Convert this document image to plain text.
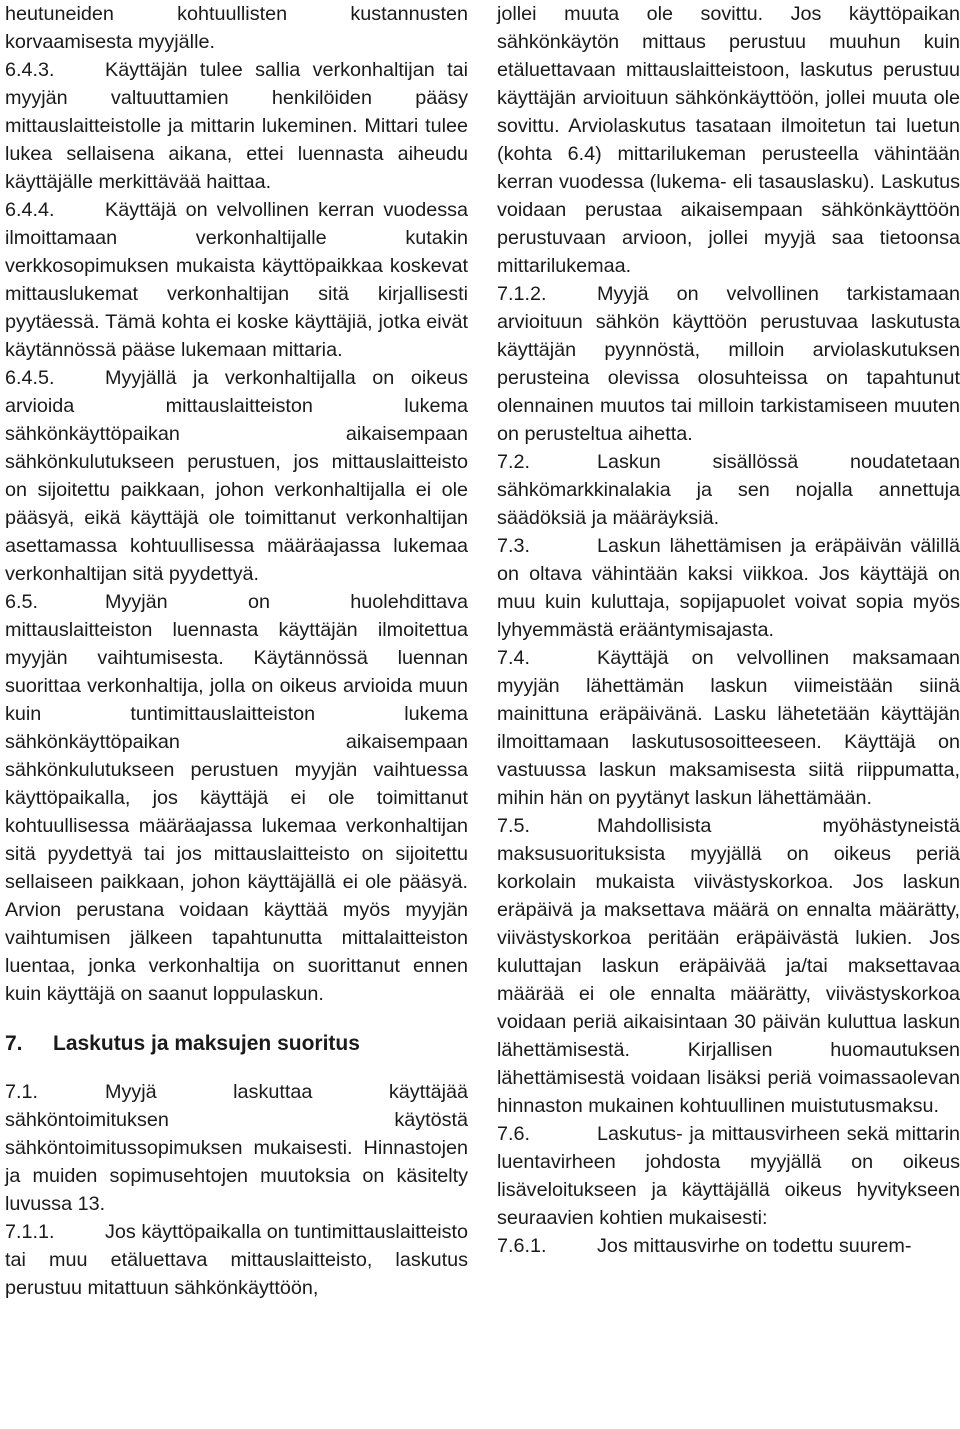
heutuneiden kohtuullisten kustannusten korvaamisesta myyjälle.

6.4.3.	Käyttäjän tulee sallia verkonhaltijan tai myyjän valtuuttamien henkilöiden pääsy mittauslaitteistolle ja mittarin lukeminen. Mittari tulee lukea sellaisena aikana, ettei luennasta aiheudu käyttäjälle merkittävää haittaa.

6.4.4.	Käyttäjä on velvollinen kerran vuodessa ilmoittamaan verkonhaltijalle kutakin verkkosopimuksen mukaista käyttöpaikkaa koskevat mittauslukemat verkonhaltijan sitä kirjallisesti pyytäessä. Tämä kohta ei koske käyttäjiä, jotka eivät käytännössä pääse lukemaan mittaria.

6.4.5.	Myyjällä ja verkonhaltijalla on oikeus arvioida mittauslaitteiston lukema sähkönkäyttöpaikan aikaisempaan sähkönkulutukseen perustuen, jos mittauslaitteisto on sijoitettu paikkaan, johon verkonhaltijalla ei ole pääsyä, eikä käyttäjä ole toimittanut verkonhaltijan asettamassa kohtuullisessa määräajassa lukemaa verkonhaltijan sitä pyydettyä.

6.5.	Myyjän on huolehdittava mittauslaitteiston luennasta käyttäjän ilmoitettua myyjän vaihtumisesta. Käytännössä luennan suorittaa verkonhaltija, jolla on oikeus arvioida muun kuin tuntimittauslaitteiston lukema sähkönkäyttöpaikan aikaisempaan sähkönkulutukseen perustuen myyjän vaihtuessa käyttöpaikalla, jos käyttäjä ei ole toimittanut kohtuullisessa määräajassa lukemaa verkonhaltijan sitä pyydettyä tai jos mittauslaitteisto on sijoitettu sellaiseen paikkaan, johon käyttäjällä ei ole pääsyä. Arvion perustana voidaan käyttää myös myyjän vaihtumisen jälkeen tapahtunutta mittalaitteiston luentaa, jonka verkonhaltija on suorittanut ennen kuin käyttäjä on saanut loppulaskun.

7. Laskutus ja maksujen suoritus

7.1.	Myyjä laskuttaa käyttäjää sähköntoimituksen käytöstä sähköntoimitussopimuksen mukaisesti. Hinnastojen ja muiden sopimusehtojen muutoksia on käsitelty luvussa 13.

7.1.1.	Jos käyttöpaikalla on tuntimittauslaitteisto tai muu etäluettava mittauslaitteisto, laskutus perustuu mitattuun sähkönkäyttöön,

jollei muuta ole sovittu. Jos käyttöpaikan sähkönkäytön mittaus perustuu muuhun kuin etäluettavaan mittauslaitteistoon, laskutus perustuu käyttäjän arvioituun sähkönkäyttöön, jollei muuta ole sovittu. Arviolaskutus tasataan ilmoitetun tai luetun (kohta 6.4) mittarilukeman perusteella vähintään kerran vuodessa (lukema- eli tasauslasku). Laskutus voidaan perustaa aikaisempaan sähkönkäyttöön perustuvaan arvioon, jollei myyjä saa tietoonsa mittarilukemaa.

7.1.2.	Myyjä on velvollinen tarkistamaan arvioituun sähkön käyttöön perustuvaa laskutusta käyttäjän pyynnöstä, milloin arviolaskutuksen perusteina olevissa olosuhteissa on tapahtunut olennainen muutos tai milloin tarkistamiseen muuten on perusteltua aihetta.

7.2.	Laskun sisällössä noudatetaan sähkömarkkinalakia ja sen nojalla annettuja säädöksiä ja määräyksiä.

7.3.	Laskun lähettämisen ja eräpäivän välillä on oltava vähintään kaksi viikkoa. Jos käyttäjä on muu kuin kuluttaja, sopijapuolet voivat sopia myös lyhyemmästä erääntymisajasta.

7.4.	Käyttäjä on velvollinen maksamaan myyjän lähettämän laskun viimeistään siinä mainittuna eräpäivänä. Lasku lähetetään käyttäjän ilmoittamaan laskutusosoitteeseen. Käyttäjä on vastuussa laskun maksamisesta siitä riippumatta, mihin hän on pyytänyt laskun lähettämään.

7.5.	Mahdollisista myöhästyneistä maksusuorituksista myyjällä on oikeus periä korkolain mukaista viivästyskorkoa. Jos laskun eräpäivä ja maksettava määrä on ennalta määrätty, viivästyskorkoa peritään eräpäivästä lukien. Jos kuluttajan laskun eräpäivää ja/tai maksettavaa määrää ei ole ennalta määrätty, viivästyskorkoa voidaan periä aikaisintaan 30 päivän kuluttua laskun lähettämisestä. Kirjallisen huomautuksen lähettämisestä voidaan lisäksi periä voimassaolevan hinnaston mukainen kohtuullinen muistutusmaksu.

7.6.	Laskutus- ja mittausvirheen sekä mittarin luentavirheen johdosta myyjällä on oikeus lisäveloitukseen ja käyttäjällä oikeus hyvitykseen seuraavien kohtien mukaisesti:

7.6.1.	Jos mittausvirhe on todettu suurem-
